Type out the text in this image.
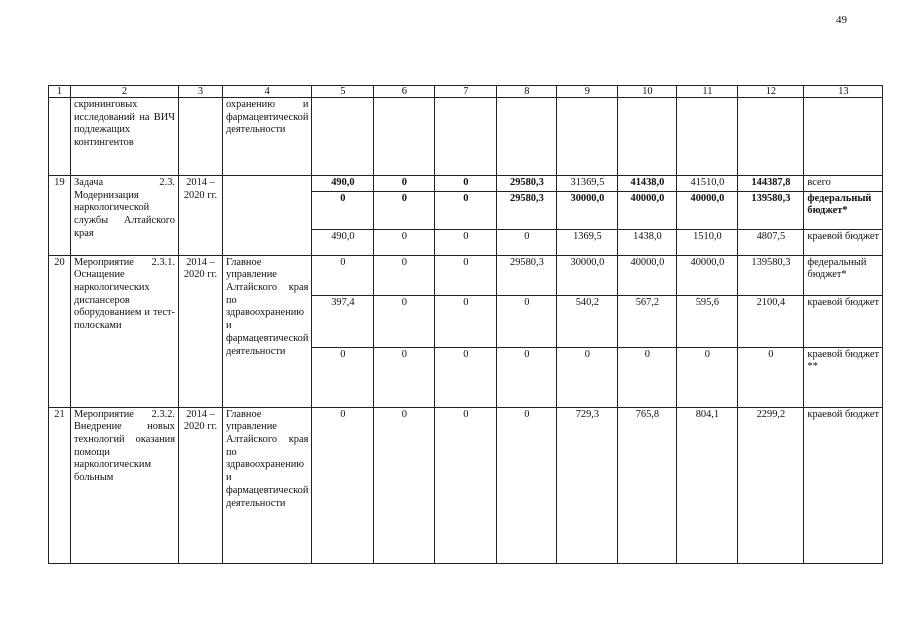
49
1	2	3	4	5	6	7	8	9	10	11	12	13
	скрининговых исследований на ВИЧ подлежащих контингентов		охранению и фармацевтической деятельности									
19	Задача 2.3. Модернизация наркологической службы Алтайского края	2014 – 2020 гг.		490,0	0	0	29580,3	31369,5	41438,0	41510,0	144387,8	всего
				0	0	0	29580,3	30000,0	40000,0	40000,0	139580,3	федеральный бюджет*
				490,0	0	0	0	1369,5	1438,0	1510,0	4807,5	краевой бюджет
20	Мероприятие 2.3.1. Оснащение наркологических диспансеров оборудованием и тест-полосками	2014 – 2020 гг.	Главное управление Алтайского края по здравоохранению и фармацевтической деятельности	0	0	0	29580,3	30000,0	40000,0	40000,0	139580,3	федеральный бюджет*
				397,4	0	0	0	540,2	567,2	595,6	2100,4	краевой бюджет
				0	0	0	0	0	0	0	0	краевой бюджет **
21	Мероприятие 2.3.2. Внедрение новых технологий оказания помощи наркологическим больным	2014 – 2020 гг.	Главное управление Алтайского края по здравоохранению и фармацевтической деятельности	0	0	0	0	729,3	765,8	804,1	2299,2	краевой бюджет
